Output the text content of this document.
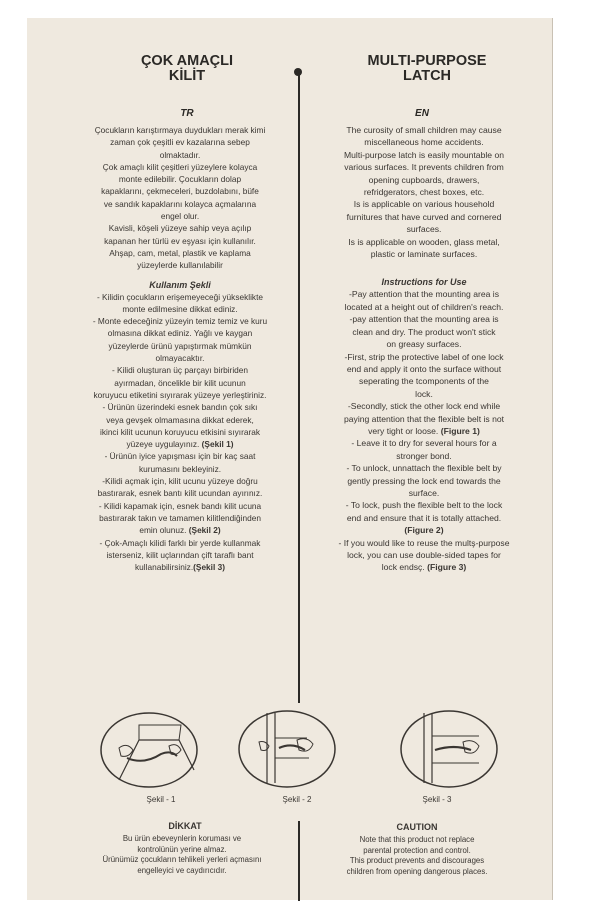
ÇOK AMAÇLI
KİLİT
MULTI-PURPOSE
LATCH
TR	EN

Çocukların karıştırmaya duydukları merak kimi

zaman çok çeşitli ev kazalarına sebep

olmaktadır.

Çok amaçlı kilit çeşitleri yüzeylere kolayca

monte edilebilir. Çocukların dolap

kapaklarını, çekmeceleri, buzdolabını, büfe

ve sandık kapaklarını kolayca açmalarına

engel olur.

Kavisli, köşeli yüzeye sahip veya açılıp

kapanan her türlü ev eşyası için kullanılır.

Ahşap, cam, metal, plastik ve kaplama

yüzeylerde kullanılabilir

Kullanım Şekli

- Kilidin çocukların erişemeyeceği yükseklikte

monte edilmesine dikkat ediniz.

- Monte edeceğiniz yüzeyin temiz temiz ve kuru

olmasına dikkat ediniz. Yağlı ve kaygan

yüzeylerde ürünü yapıştırmak mümkün

olmayacaktır.

- Kilidi oluşturan üç parçayı birbiriden

ayırmadan, öncelikle bir kilit ucunun

koruyucu etiketini sıyırarak yüzeye yerleştiriniz.

- Ürünün üzerindeki esnek bandın çok sıkı

veya gevşek olmamasına dikkat ederek,

ikinci kilit ucunun koruyucu etkisini sıyırarak

yüzeye uygulayınız. (Şekil 1)

- Ürünün iyice yapışması için bir kaç saat

kurumasını bekleyiniz.

-Kilidi açmak için, kilit ucunu yüzeye doğru

bastırarak, esnek bantı kilit ucundan ayırınız.

- Kilidi kapamak için, esnek bandı kilit ucuna

bastırarak takın ve tamamen kilitlendiğinden

emin olunuz. (Şekil 2)

- Çok-Amaçlı kilidi farklı bir yerde kullanmak

isterseniz, kilit uçlarından çift taraflı bant

kullanabilirsiniz.(Şekil 3)

The curosity of small children may cause

miscellaneous home accidents.

Multi-purpose latch is easily mountable on

various surfaces. It prevents children from

opening cupboards, drawers,

refridgerators, chest boxes, etc.

Is is applicable on various household

furnitures that have curved and cornered

surfaces.

Is is applicable on wooden, glass metal,

plastic or laminate surfaces.

Instructions for Use

-Pay attention that the mounting area is

located at a height out of children's reach.

-pay attention that the mounting area is

clean and dry. The product won't stick

on greasy surfaces.

-First, strip the protective label of one lock

end and apply it onto the surface without

seperating the tcomponents of the

lock.

-Secondly, stick the other lock end while

paying attention that the flexible belt is not

very tight or loose. (Figure 1)

- Leave it to dry for several hours for a

stronger bond.

- To unlock, unnattach the flexible belt by

gently pressing the lock end towards the

surface.

- To lock, push the flexible belt to the lock

end and ensure that it is totally attached.

(Figure 2)

- If you would like to reuse the multş-purpose

lock, you can use double-sided tapes for

lock endsç. (Figure 3)

Şekil - 1	Şekil - 2	Şekil - 3
DİKKAT
Bu ürün ebeveynlerin koruması ve
kontrolünün yerine almaz.
Ürünümüz çocukların tehlikeli yerleri açmasını
engelleyici ve caydırıcıdır.
CAUTION
Note that this product not replace
parental protection and control.
This product prevents and discourages
children from opening dangerous places.
